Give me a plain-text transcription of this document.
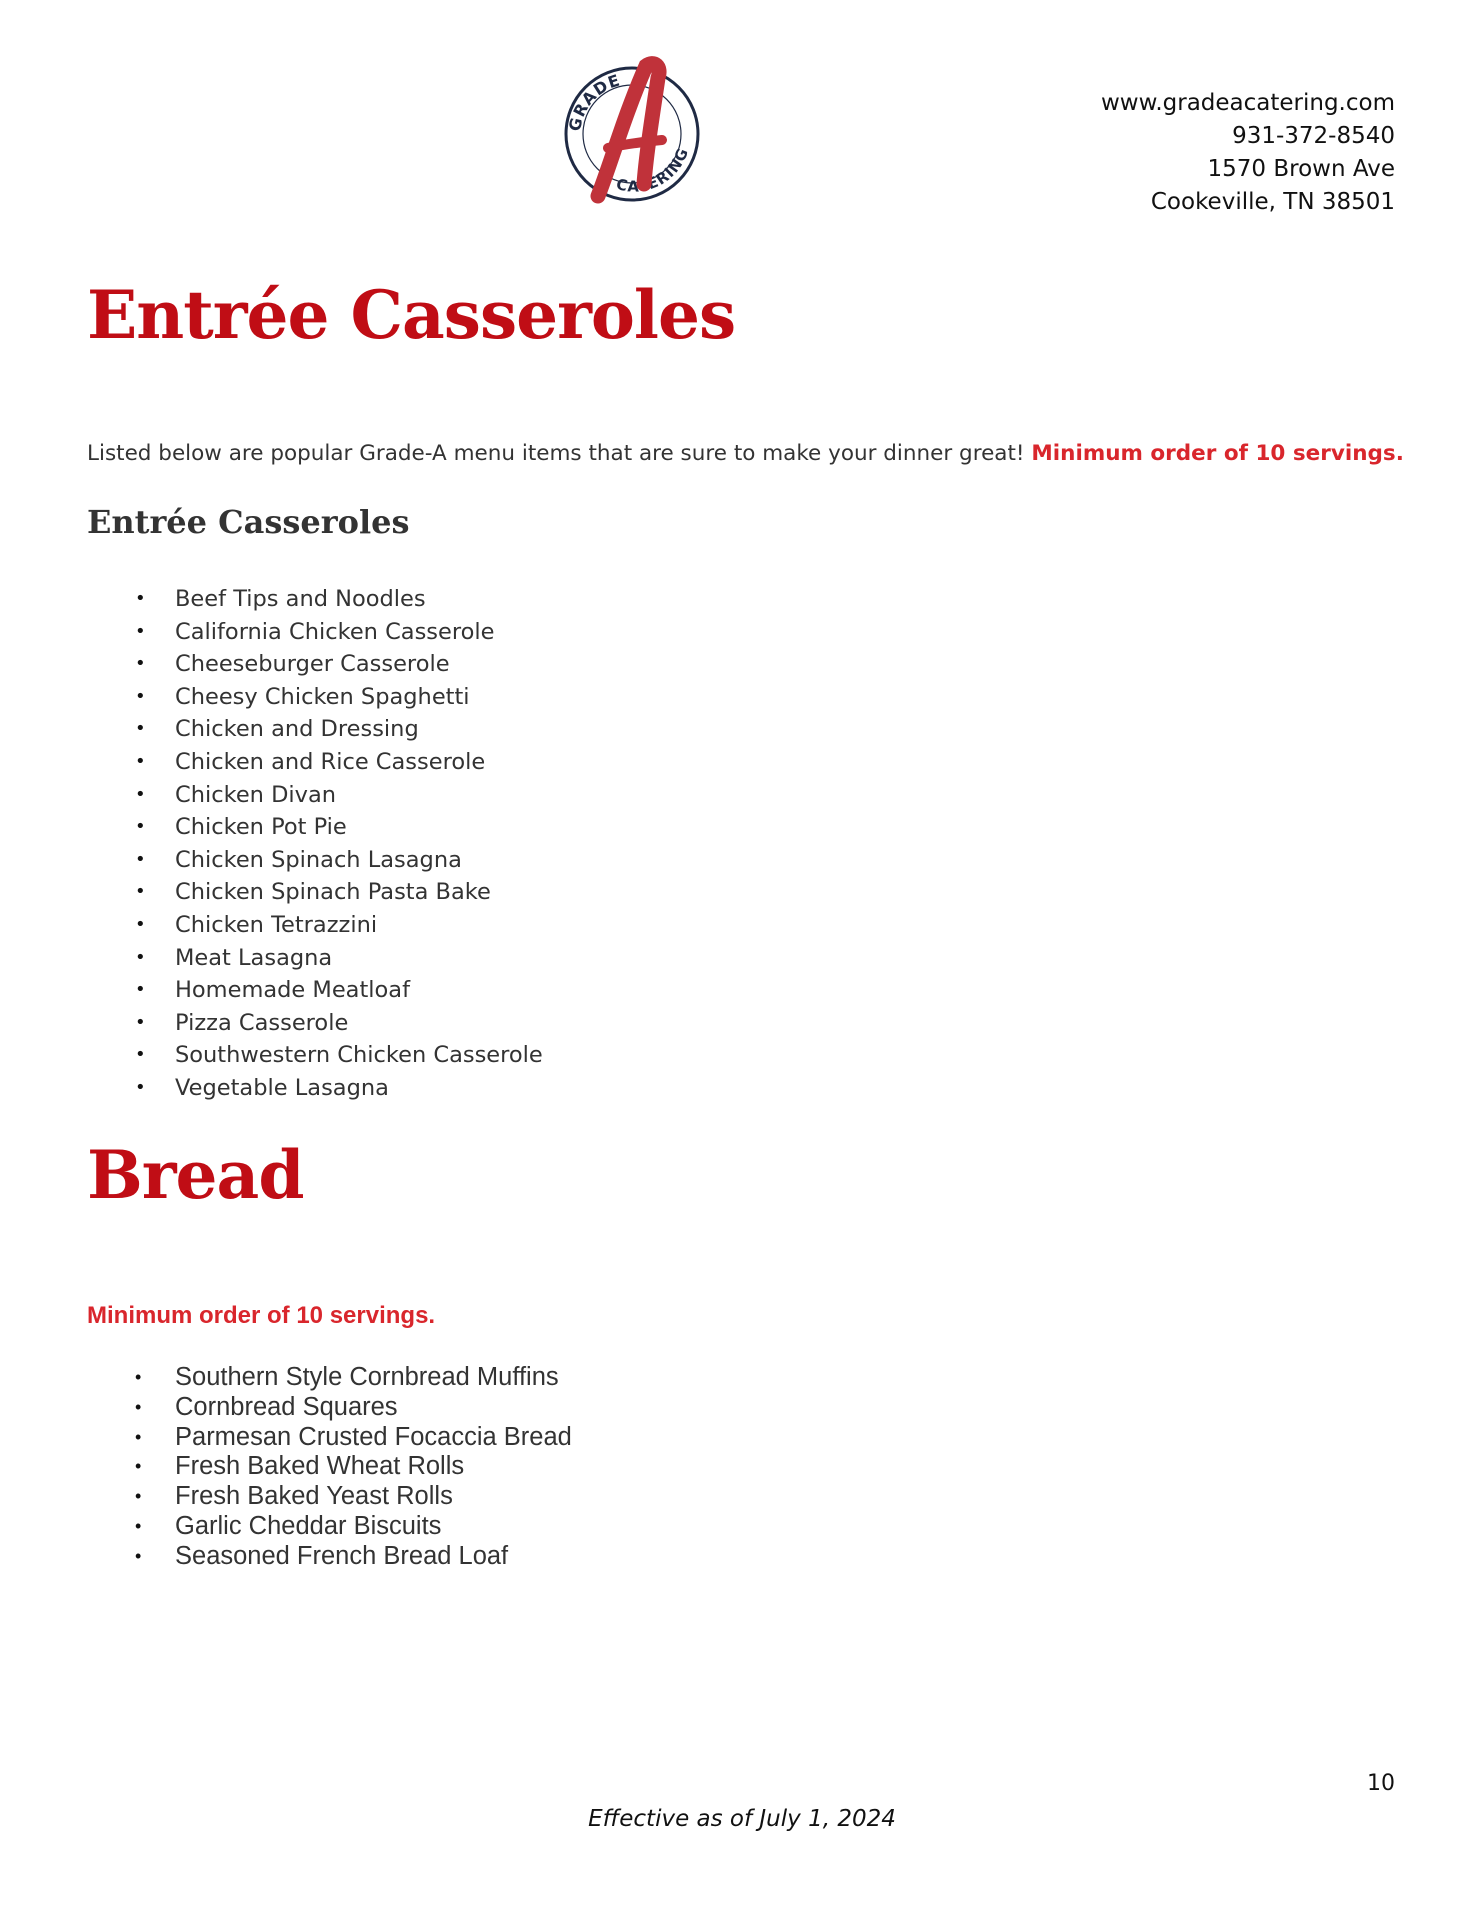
GRADE
CATERING
www.gradeacatering.com
931-372-8540
1570 Brown Ave
Cookeville, TN 38501
Entrée Casseroles
Listed below are popular Grade-A menu items that are sure to make your dinner great! Minimum order of 10 servings.
Entrée Casseroles
• Beef Tips and Noodles
• California Chicken Casserole
• Cheeseburger Casserole
• Cheesy Chicken Spaghetti
• Chicken and Dressing
• Chicken and Rice Casserole
• Chicken Divan
• Chicken Pot Pie
• Chicken Spinach Lasagna
• Chicken Spinach Pasta Bake
• Chicken Tetrazzini
• Meat Lasagna
• Homemade Meatloaf
• Pizza Casserole
• Southwestern Chicken Casserole
• Vegetable Lasagna
Bread
Minimum order of 10 servings.
• Southern Style Cornbread Muffins
• Cornbread Squares
• Parmesan Crusted Focaccia Bread
• Fresh Baked Wheat Rolls
• Fresh Baked Yeast Rolls
• Garlic Cheddar Biscuits
• Seasoned French Bread Loaf
10
Effective as of July 1, 2024
